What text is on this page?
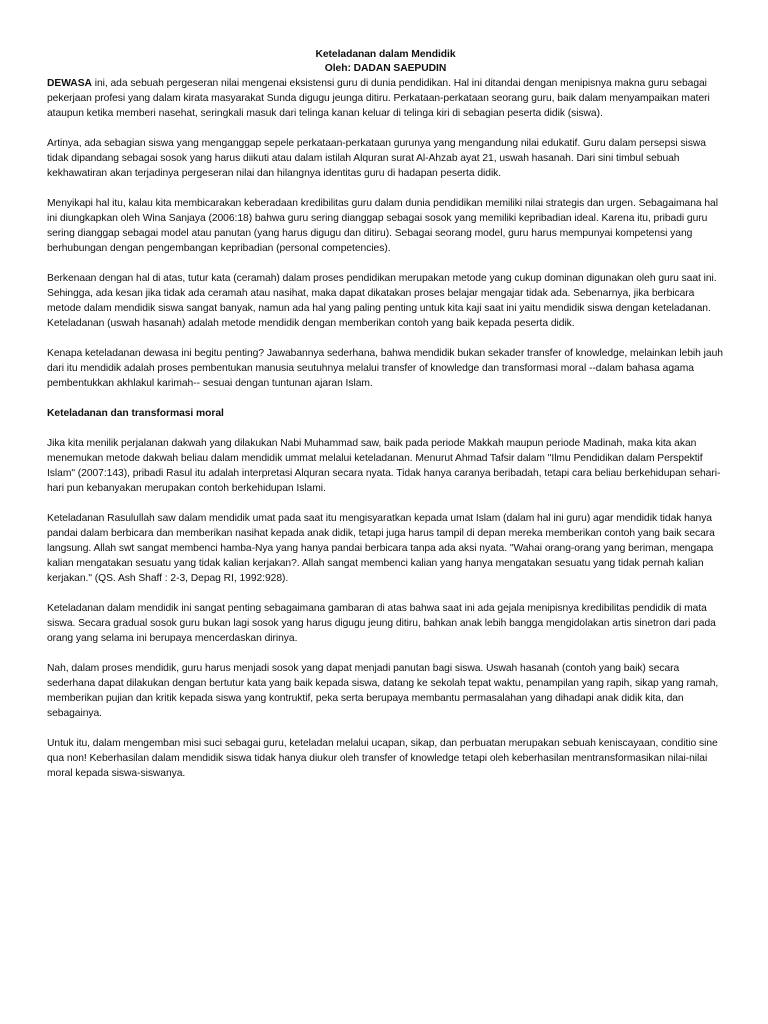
Keteladanan dalam Mendidik
Oleh: DADAN SAEPUDIN

DEWASA ini, ada sebuah pergeseran nilai mengenai eksistensi guru di dunia pendidikan. Hal ini ditandai dengan menipisnya makna guru sebagai pekerjaan profesi yang dalam kirata masyarakat Sunda digugu jeunga ditiru. Perkataan-perkataan seorang guru, baik dalam menyampaikan materi ataupun ketika memberi nasehat, seringkali masuk dari telinga kanan keluar di telinga kiri di sebagian peserta didik (siswa).

Artinya, ada sebagian siswa yang menganggap sepele perkataan-perkataan gurunya yang mengandung nilai edukatif. Guru dalam persepsi siswa tidak dipandang sebagai sosok yang harus diikuti atau dalam istilah Alquran surat Al-Ahzab ayat 21, uswah hasanah. Dari sini timbul sebuah kekhawatiran akan terjadinya pergeseran nilai dan hilangnya identitas guru di hadapan peserta didik.

Menyikapi hal itu, kalau kita membicarakan keberadaan kredibilitas guru dalam dunia pendidikan memiliki nilai strategis dan urgen. Sebagaimana hal ini diungkapkan oleh Wina Sanjaya (2006:18) bahwa guru sering dianggap sebagai sosok yang memiliki kepribadian ideal. Karena itu, pribadi guru sering dianggap sebagai model atau panutan (yang harus digugu dan ditiru). Sebagai seorang model, guru harus mempunyai kompetensi yang berhubungan dengan pengembangan kepribadian (personal competencies).

Berkenaan dengan hal di atas, tutur kata (ceramah) dalam proses pendidikan merupakan metode yang cukup dominan digunakan oleh guru saat ini. Sehingga, ada kesan jika tidak ada ceramah atau nasihat, maka dapat dikatakan proses belajar mengajar tidak ada. Sebenarnya, jika berbicara metode dalam mendidik siswa sangat banyak, namun ada hal yang paling penting untuk kita kaji saat ini yaitu mendidik siswa dengan keteladanan. Keteladanan (uswah hasanah) adalah metode mendidik dengan memberikan contoh yang baik kepada peserta didik.

Kenapa keteladanan dewasa ini begitu penting? Jawabannya sederhana, bahwa mendidik bukan sekader transfer of knowledge, melainkan lebih jauh dari itu mendidik adalah proses pembentukan manusia seutuhnya melalui transfer of knowledge dan transformasi moral --dalam bahasa agama pembentukkan akhlakul karimah-- sesuai dengan tuntunan ajaran Islam.

Keteladanan dan transformasi moral

Jika kita menilik perjalanan dakwah yang dilakukan Nabi Muhammad saw, baik pada periode Makkah maupun periode Madinah, maka kita akan menemukan metode dakwah beliau dalam mendidik ummat melalui keteladanan. Menurut Ahmad Tafsir dalam "Ilmu Pendidikan dalam Perspektif Islam" (2007:143), pribadi Rasul itu adalah interpretasi Alquran secara nyata. Tidak hanya caranya beribadah, tetapi cara beliau berkehidupan sehari-hari pun kebanyakan merupakan contoh berkehidupan Islami.

Keteladanan Rasulullah saw dalam mendidik umat pada saat itu mengisyaratkan kepada umat Islam (dalam hal ini guru) agar mendidik tidak hanya pandai dalam berbicara dan memberikan nasihat kepada anak didik, tetapi juga harus tampil di depan mereka memberikan contoh yang baik secara langsung. Allah swt sangat membenci hamba-Nya yang hanya pandai berbicara tanpa ada aksi nyata. "Wahai orang-orang yang beriman, mengapa kalian mengatakan sesuatu yang tidak kalian kerjakan?. Allah sangat membenci kalian yang hanya mengatakan sesuatu yang tidak pernah kalian kerjakan." (QS. Ash Shaff : 2-3, Depag RI, 1992:928).

Keteladanan dalam mendidik ini sangat penting sebagaimana gambaran di atas bahwa saat ini ada gejala menipisnya kredibilitas pendidik di mata siswa. Secara gradual sosok guru bukan lagi sosok yang harus digugu jeung ditiru, bahkan anak lebih bangga mengidolakan artis sinetron dari pada orang yang selama ini berupaya mencerdaskan dirinya.

Nah, dalam proses mendidik, guru harus menjadi sosok yang dapat menjadi panutan bagi siswa. Uswah hasanah (contoh yang baik) secara sederhana dapat dilakukan dengan bertutur kata yang baik kepada siswa, datang ke sekolah tepat waktu, penampilan yang rapih, sikap yang ramah, memberikan pujian dan kritik kepada siswa yang kontruktif, peka serta berupaya membantu permasalahan yang dihadapi anak didik kita, dan sebagainya.

Untuk itu, dalam mengemban misi suci sebagai guru, keteladan melalui ucapan, sikap, dan perbuatan merupakan sebuah keniscayaan, conditio sine qua non! Keberhasilan dalam mendidik siswa tidak hanya diukur oleh transfer of knowledge tetapi oleh keberhasilan mentransformasikan nilai-nilai moral kepada siswa-siswanya.
